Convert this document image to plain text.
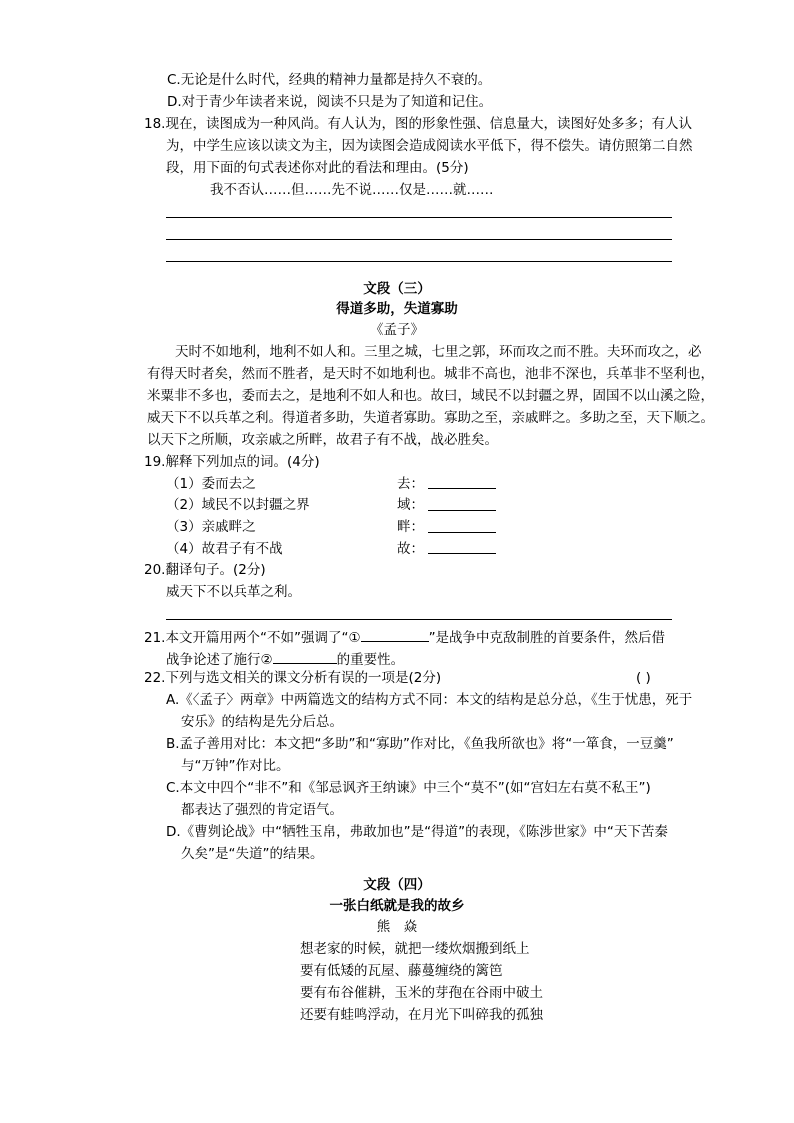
C.无论是什么时代，经典的精神力量都是持久不衰的。
D.对于青少年读者来说，阅读不只是为了知道和记住。
18.现在，读图成为一种风尚。有人认为，图的形象性强、信息量大，读图好处多多；有人认
为，中学生应该以读文为主，因为读图会造成阅读水平低下，得不偿失。请仿照第二自然
段，用下面的句式表述你对此的看法和理由。(5分)
我不否认……但……先不说……仅是……就……
文段（三）
得道多助，失道寡助
《孟子》
天时不如地利，地利不如人和。三里之城，七里之郭，环而攻之而不胜。夫环而攻之，必
有得天时者矣，然而不胜者，是天时不如地利也。城非不高也，池非不深也，兵革非不坚利也，
米粟非不多也，委而去之，是地利不如人和也。故曰，域民不以封疆之界，固国不以山溪之险，
威天下不以兵革之利。得道者多助，失道者寡助。寡助之至，亲戚畔之。多助之至，天下顺之。
以天下之所顺，攻亲戚之所畔，故君子有不战，战必胜矣。
19.解释下列加点的词。(4分)
（1）委而去之	去：
（2）域民不以封疆之界	域：
（3）亲戚畔之	畔：
（4）故君子有不战	故：
20.翻译句子。(2分)
威天下不以兵革之利。
21.本文开篇用两个“不如”强调了“①	”是战争中克敌制胜的首要条件，然后借
战争论述了施行②	的重要性。
22.下列与选文相关的课文分析有误的一项是(2分)	( )
A.《〈孟子〉两章》中两篇选文的结构方式不同：本文的结构是总分总，《生于忧患，死于
安乐》的结构是先分后总。
B.孟子善用对比：本文把“多助”和“寡助”作对比，《鱼我所欲也》将“一箪食，一豆羹”
与“万钟”作对比。
C.本文中四个“非不”和《邹忌讽齐王纳谏》中三个“莫不”(如“宫妇左右莫不私王”)
都表达了强烈的肯定语气。
D.《曹刿论战》中“牺牲玉帛，弗敢加也”是“得道”的表现，《陈涉世家》中“天下苦秦
久矣”是“失道”的结果。
文段（四）
一张白纸就是我的故乡
熊　焱
想老家的时候，就把一缕炊烟搬到纸上
要有低矮的瓦屋、藤蔓缠绕的篱笆
要有布谷催耕，玉米的芽孢在谷雨中破土
还要有蛙鸣浮动，在月光下叫碎我的孤独
